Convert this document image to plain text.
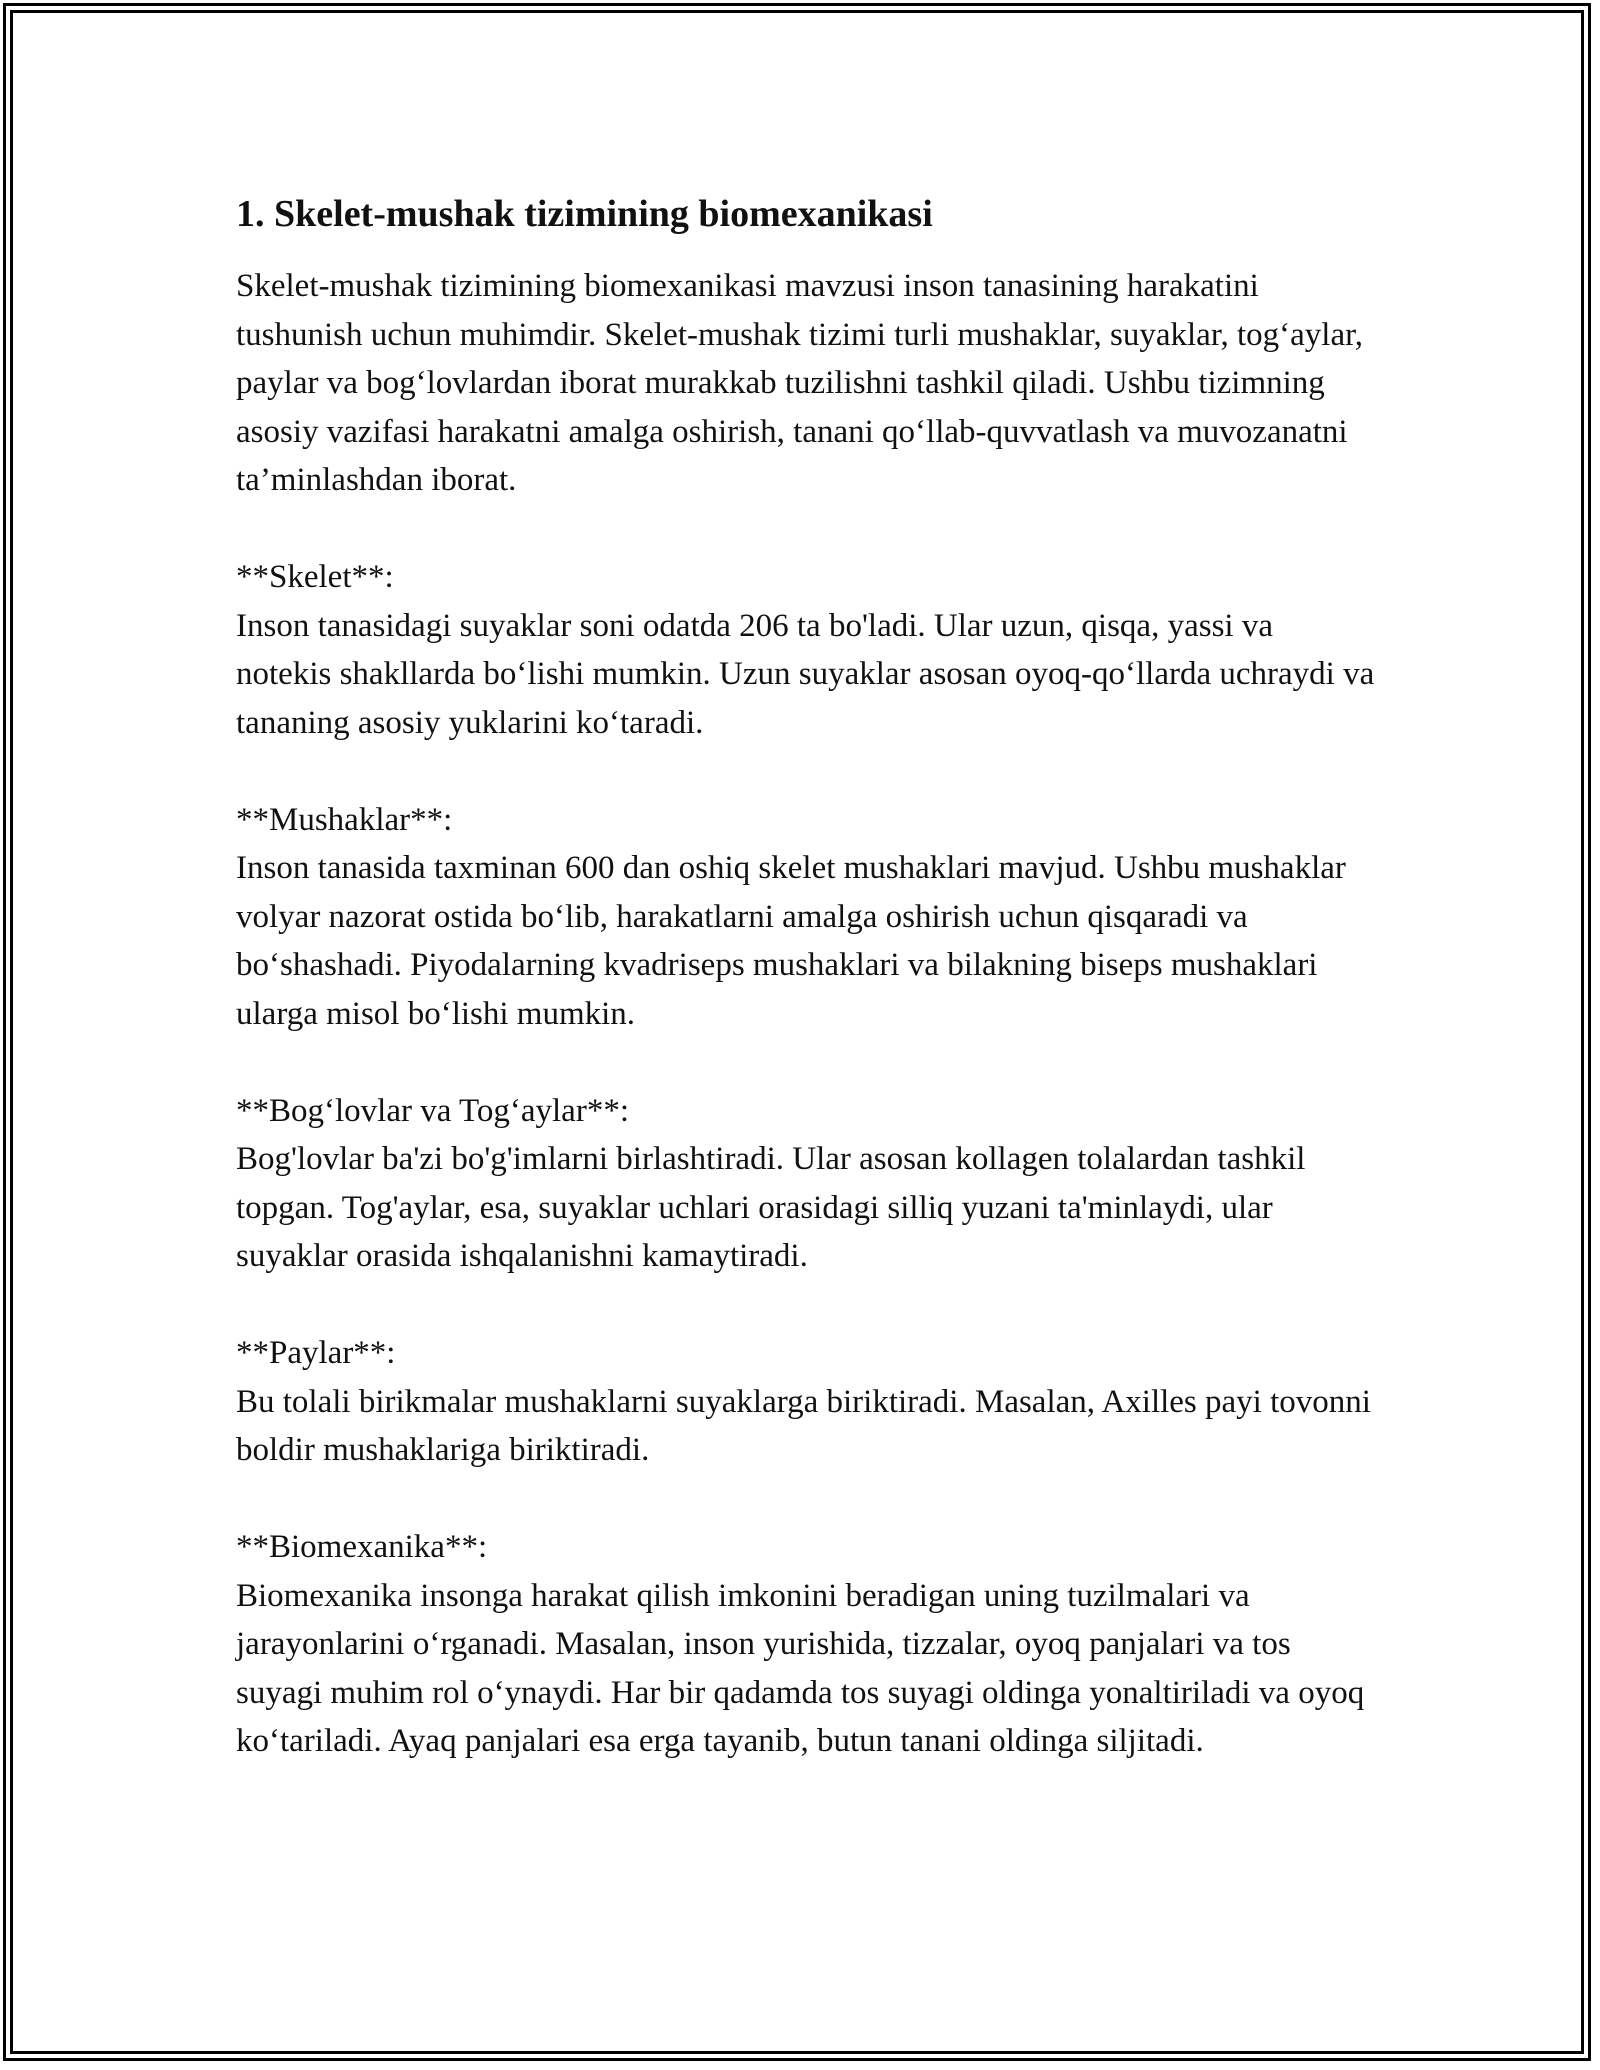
1. Skelet-mushak tizimining biomexanikasi

Skelet-mushak tizimining biomexanikasi mavzusi inson tanasining harakatini tushunish uchun muhimdir. Skelet-mushak tizimi turli mushaklar, suyaklar, tog‘aylar, paylar va bog‘lovlardan iborat murakkab tuzilishni tashkil qiladi. Ushbu tizimning asosiy vazifasi harakatni amalga oshirish, tanani qo‘llab-quvvatlash va muvozanatni ta’minlashdan iborat.

**Skelet**:
Inson tanasidagi suyaklar soni odatda 206 ta bo'ladi. Ular uzun, qisqa, yassi va notekis shakllarda bo‘lishi mumkin. Uzun suyaklar asosan oyoq-qo‘llarda uchraydi va tananing asosiy yuklarini ko‘taradi.

**Mushaklar**:
Inson tanasida taxminan 600 dan oshiq skelet mushaklari mavjud. Ushbu mushaklar volyar nazorat ostida bo‘lib, harakatlarni amalga oshirish uchun qisqaradi va bo‘shashadi. Piyodalarning kvadriseps mushaklari va bilakning biseps mushaklari ularga misol bo‘lishi mumkin.

**Bog‘lovlar va Tog‘aylar**:
Bog'lovlar ba'zi bo'g'imlarni birlashtiradi. Ular asosan kollagen tolalardan tashkil topgan. Tog'aylar, esa, suyaklar uchlari orasidagi silliq yuzani ta'minlaydi, ular suyaklar orasida ishqalanishni kamaytiradi.

**Paylar**:
Bu tolali birikmalar mushaklarni suyaklarga biriktiradi. Masalan, Axilles payi tovonni boldir mushaklariga biriktiradi.

**Biomexanika**:
Biomexanika insonga harakat qilish imkonini beradigan uning tuzilmalari va jarayonlarini o‘rganadi. Masalan, inson yurishida, tizzalar, oyoq panjalari va tos suyagi muhim rol o‘ynaydi. Har bir qadamda tos suyagi oldinga yonaltiriladi va oyoq ko‘tariladi. Ayaq panjalari esa erga tayanib, butun tanani oldinga siljitadi.
